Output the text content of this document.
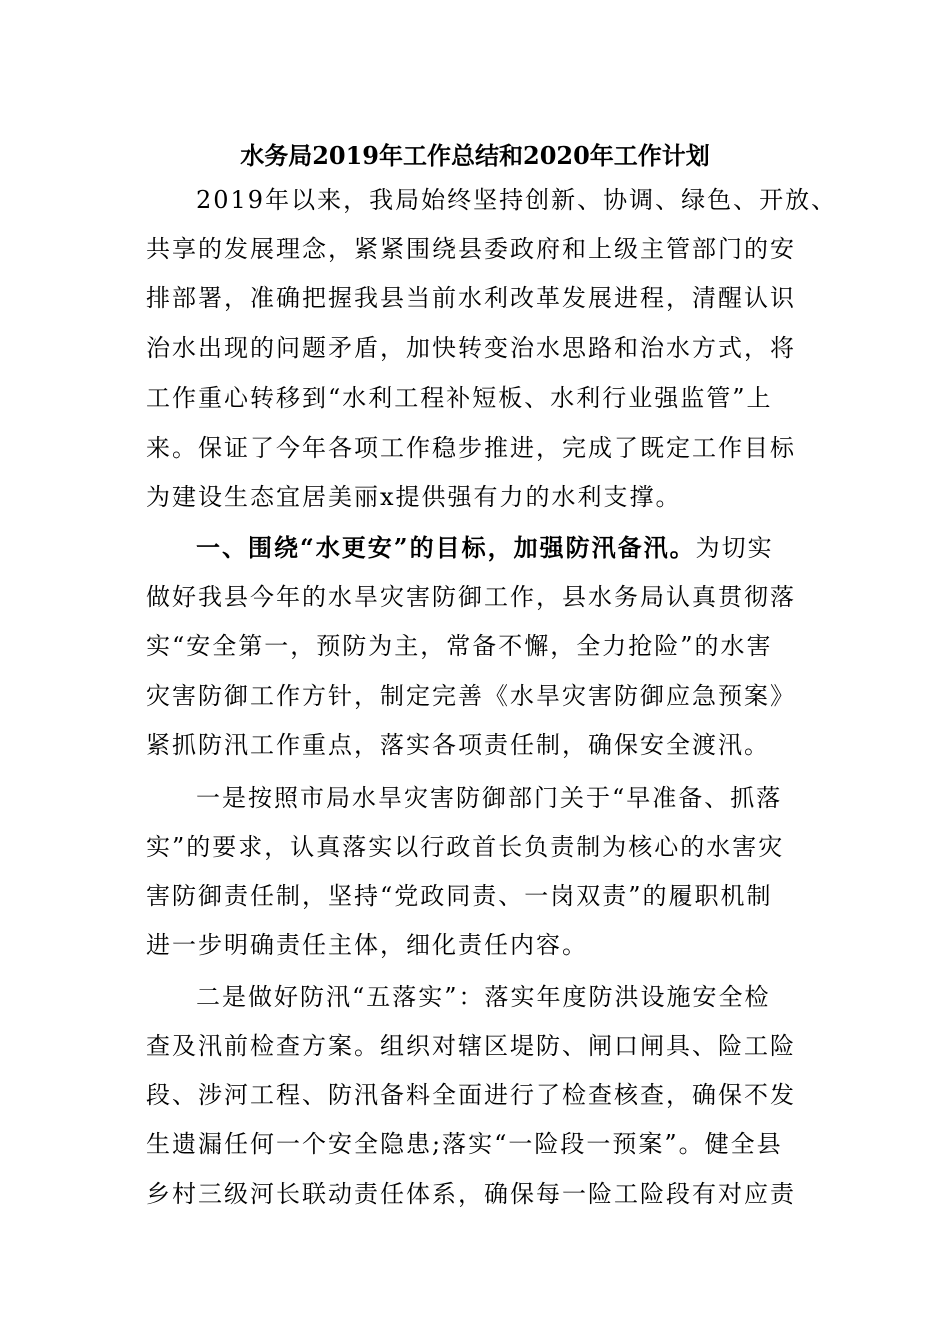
水务局2019年工作总结和2020年工作计划
2019年以来，我局始终坚持创新、协调、绿色、开放、
共享的发展理念，紧紧围绕县委政府和上级主管部门的安
排部署，准确把握我县当前水利改革发展进程，清醒认识
治水出现的问题矛盾，加快转变治水思路和治水方式，将
工作重心转移到“水利工程补短板、水利行业强监管”上
来。保证了今年各项工作稳步推进，完成了既定工作目标
为建设生态宜居美丽x提供强有力的水利支撑。
一、围绕“水更安”的目标，加强防汛备汛。为切实
做好我县今年的水旱灾害防御工作，县水务局认真贯彻落
实“安全第一，预防为主，常备不懈，全力抢险”的水害
灾害防御工作方针，制定完善《水旱灾害防御应急预案》
紧抓防汛工作重点，落实各项责任制，确保安全渡汛。
一是按照市局水旱灾害防御部门关于“早准备、抓落
实”的要求，认真落实以行政首长负责制为核心的水害灾
害防御责任制，坚持“党政同责、一岗双责”的履职机制
进一步明确责任主体，细化责任内容。
二是做好防汛“五落实”：落实年度防洪设施安全检
查及汛前检查方案。组织对辖区堤防、闸口闸具、险工险
段、涉河工程、防汛备料全面进行了检查核查，确保不发
生遗漏任何一个安全隐患;落实“一险段一预案”。健全县
乡村三级河长联动责任体系，确保每一险工险段有对应责
